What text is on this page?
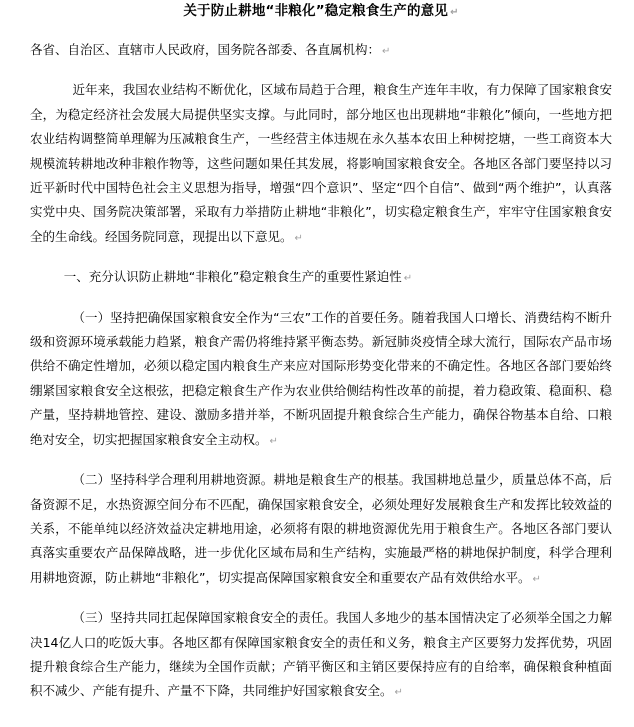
关于防止耕地“非粮化”稳定粮食生产的意见 ↵

各省、自治区、直辖市人民政府，国务院各部委、各直属机构： ↵

近年来，我国农业结构不断优化，区域布局趋于合理，粮食生产连年丰收，有力保障了国家粮食安全，为稳定经济社会发展大局提供坚实支撑。与此同时，部分地区也出现耕地“非粮化”倾向，一些地方把农业结构调整简单理解为压减粮食生产，一些经营主体违规在永久基本农田上种树挖塘，一些工商资本大规模流转耕地改种非粮作物等，这些问题如果任其发展，将影响国家粮食安全。各地区各部门要坚持以习近平新时代中国特色社会主义思想为指导，增强“四个意识”、坚定“四个自信”、做到“两个维护”，认真落实党中央、国务院决策部署，采取有力举措防止耕地“非粮化”，切实稳定粮食生产，牢牢守住国家粮食安全的生命线。经国务院同意，现提出以下意见。 ↵

一、充分认识防止耕地“非粮化”稳定粮食生产的重要性紧迫性 ↵

（一）坚持把确保国家粮食安全作为“三农”工作的首要任务。随着我国人口增长、消费结构不断升级和资源环境承载能力趋紧，粮食产需仍将维持紧平衡态势。新冠肺炎疫情全球大流行，国际农产品市场供给不确定性增加，必须以稳定国内粮食生产来应对国际形势变化带来的不确定性。各地区各部门要始终绷紧国家粮食安全这根弦，把稳定粮食生产作为农业供给侧结构性改革的前提，着力稳政策、稳面积、稳产量，坚持耕地管控、建设、激励多措并举，不断巩固提升粮食综合生产能力，确保谷物基本自给、口粮绝对安全，切实把握国家粮食安全主动权。 ↵

（二）坚持科学合理利用耕地资源。耕地是粮食生产的根基。我国耕地总量少，质量总体不高，后备资源不足，水热资源空间分布不匹配，确保国家粮食安全，必须处理好发展粮食生产和发挥比较效益的关系，不能单纯以经济效益决定耕地用途，必须将有限的耕地资源优先用于粮食生产。各地区各部门要认真落实重要农产品保障战略，进一步优化区域布局和生产结构，实施最严格的耕地保护制度，科学合理利用耕地资源，防止耕地“非粮化”，切实提高保障国家粮食安全和重要农产品有效供给水平。 ↵

（三）坚持共同扛起保障国家粮食安全的责任。我国人多地少的基本国情决定了必须举全国之力解决14亿人口的吃饭大事。各地区都有保障国家粮食安全的责任和义务，粮食主产区要努力发挥优势，巩固提升粮食综合生产能力，继续为全国作贡献；产销平衡区和主销区要保持应有的自给率，确保粮食种植面积不减少、产能有提升、产量不下降，共同维护好国家粮食安全。 ↵
